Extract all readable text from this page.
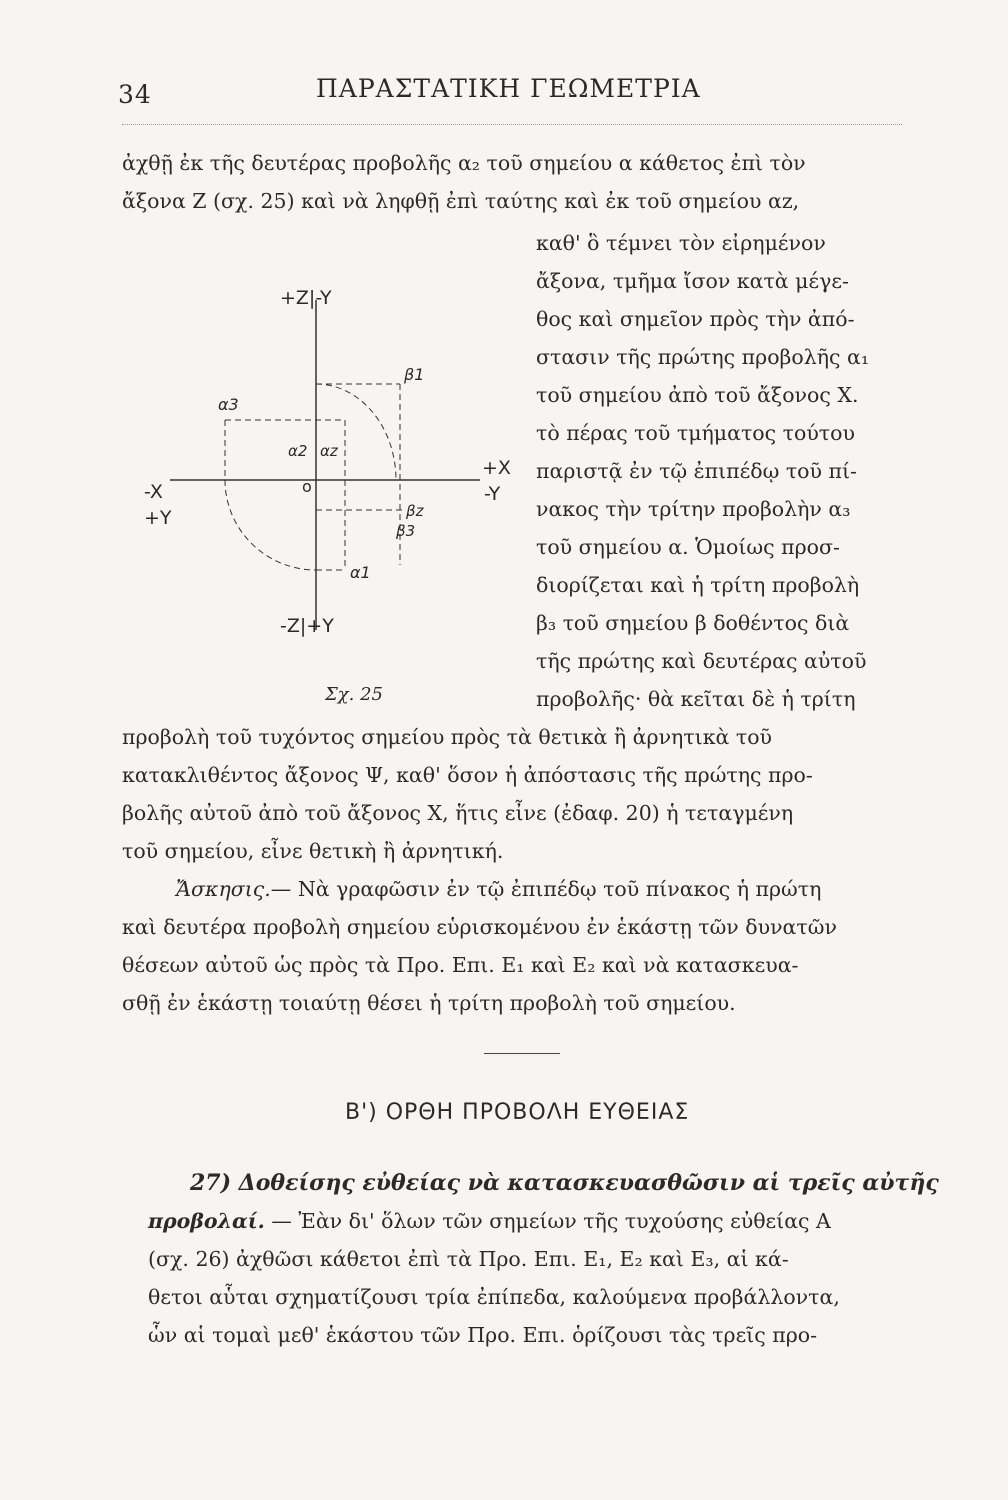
34	ΠΑΡΑΣΤΑΤΙΚΗ ΓΕΩΜΕΤΡΙΑ
ἀχθῇ ἐκ τῆς δευτέρας προβολῆς α₂ τοῦ σημείου α κάθετος ἐπὶ τὸν
ἄξονα Ζ (σχ. 25) καὶ νὰ ληφθῇ ἐπὶ ταύτης καὶ ἐκ τοῦ σημείου αz,
καθ' ὃ τέμνει τὸν εἰρημένον
ἄξονα, τμῆμα ἴσον κατὰ μέγε-
θος καὶ σημεῖον πρὸς τὴν ἀπό-
στασιν τῆς πρώτης προβολῆς α₁
τοῦ σημείου ἀπὸ τοῦ ἄξονος Χ.
τὸ πέρας τοῦ τμήματος τούτου
παριστᾷ ἐν τῷ ἐπιπέδῳ τοῦ πί-
νακος τὴν τρίτην προβολὴν α₃
τοῦ σημείου α. Ὁμοίως προσ-
διορίζεται καὶ ἡ τρίτη προβολὴ
β₃ τοῦ σημείου β δοθέντος διὰ
τῆς πρώτης καὶ δευτέρας αὐτοῦ
προβολῆς· θὰ κεῖται δὲ ἡ τρίτη
+Z|-Y
-Z|+Y
-X
+Y
+X
-Y
o
α3
α2 αz
α1
β1
βz
β3
Σχ. 25
προβολὴ τοῦ τυχόντος σημείου πρὸς τὰ θετικὰ ἢ ἀρνητικὰ τοῦ
κατακλιθέντος ἄξονος Ψ, καθ' ὅσον ἡ ἀπόστασις τῆς πρώτης προ-
βολῆς αὐτοῦ ἀπὸ τοῦ ἄξονος Χ, ἥτις εἶνε (ἐδαφ. 20) ἡ τεταγμένη
τοῦ σημείου, εἶνε θετικὴ ἢ ἀρνητική.
Ἄσκησις.— Νὰ γραφῶσιν ἐν τῷ ἐπιπέδῳ τοῦ πίνακος ἡ πρώτη
καὶ δευτέρα προβολὴ σημείου εὑρισκομένου ἐν ἑκάστῃ τῶν δυνατῶν
θέσεων αὐτοῦ ὡς πρὸς τὰ Προ. Επι. Ε₁ καὶ Ε₂ καὶ νὰ κατασκευα-
σθῇ ἐν ἑκάστῃ τοιαύτῃ θέσει ἡ τρίτη προβολὴ τοῦ σημείου.
Β') ΟΡΘΗ ΠΡΟΒΟΛΗ ΕΥΘΕΙΑΣ
27) Δοθείσης εὐθείας νὰ κατασκευασθῶσιν αἱ τρεῖς αὐτῆς
προβολαί. — Ἐὰν δι' ὅλων τῶν σημείων τῆς τυχούσης εὐθείας Α
(σχ. 26) ἀχθῶσι κάθετοι ἐπὶ τὰ Προ. Επι. Ε₁, Ε₂ καὶ Ε₃, αἱ κά-
θετοι αὗται σχηματίζουσι τρία ἐπίπεδα, καλούμενα προβάλλοντα,
ὧν αἱ τομαὶ μεθ' ἑκάστου τῶν Προ. Επι. ὁρίζουσι τὰς τρεῖς προ-
